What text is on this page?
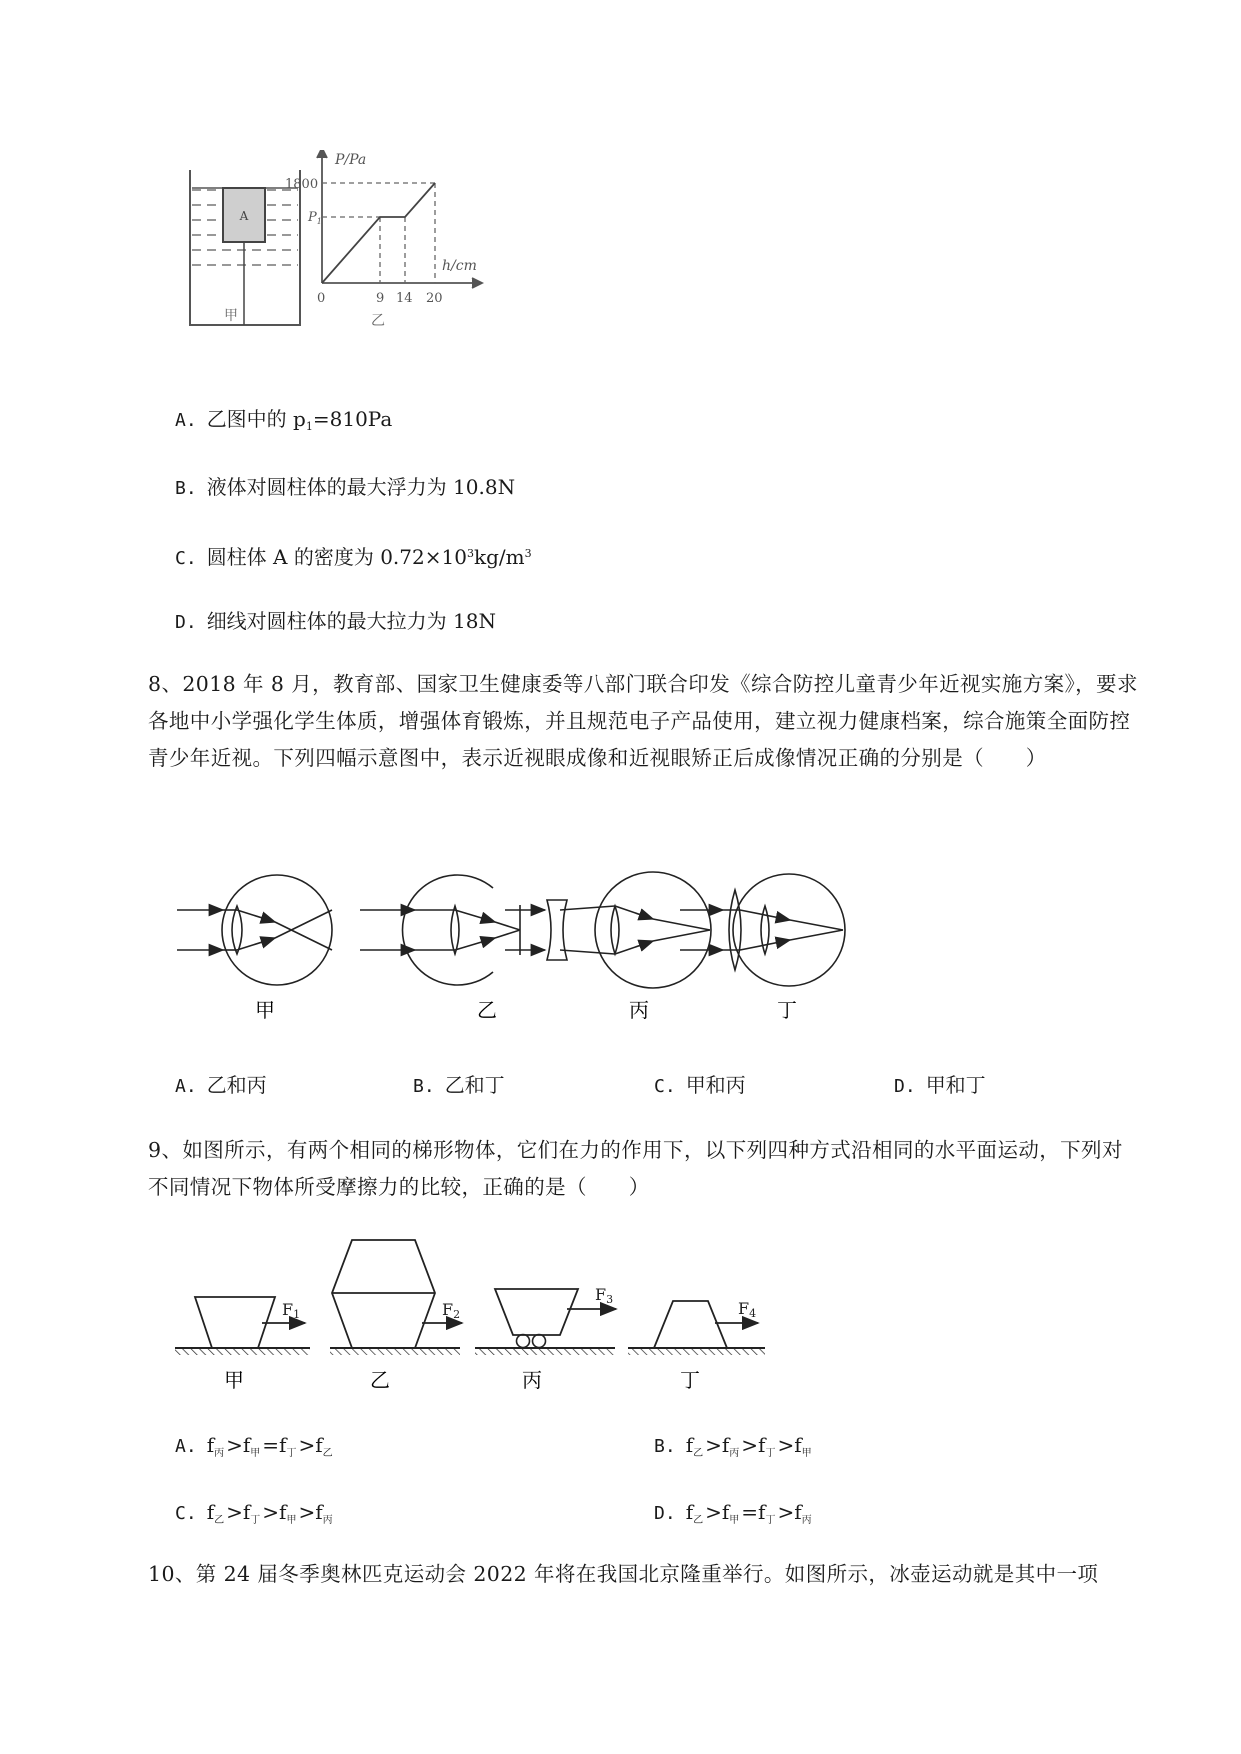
A
甲
P/Pa
h/cm
1800
$P_1$
0	9 14 20
乙
A. 乙图中的 $p_1=810Pa$
B. 液体对圆柱体的最大浮力为 10.8N
C. 圆柱体 A 的密度为 $0.72\times 10^3kg/m^3$
D. 细线对圆柱体的最大拉力为 18N
8、2018 年 8 月，教育部、国家卫生健康委等八部门联合印发《综合防控儿童青少年近视实施方案》，要求各地中小学强化学生体质，增强体育锻炼，并且规范电子产品使用，建立视力健康档案，综合施策全面防控青少年近视。下列四幅示意图中，表示近视眼成像和近视眼矫正后成像情况正确的分别是（　　）
甲	乙	丙	丁
A. 乙和丙	B. 乙和丁	C. 甲和丙	D. 甲和丁
9、如图所示，有两个相同的梯形物体，它们在力的作用下，以下列四种方式沿相同的水平面运动，下列对不同情况下物体所受摩擦力的比较，正确的是（　　）
F1	F2
F3	F4
甲	乙	丙	丁
A. $f_丙 >f_甲 =f_丁 >f_乙$	B. $f_乙 >f_丙 >f_丁 >f_甲$
C. $f_乙 >f_丁 >f_甲 >f_丙$	D. $f_乙 >f_甲 =f_丁 >f_丙$
10、第 24 届冬季奥林匹克运动会 2022 年将在我国北京隆重举行。如图所示，冰壶运动就是其中一项
